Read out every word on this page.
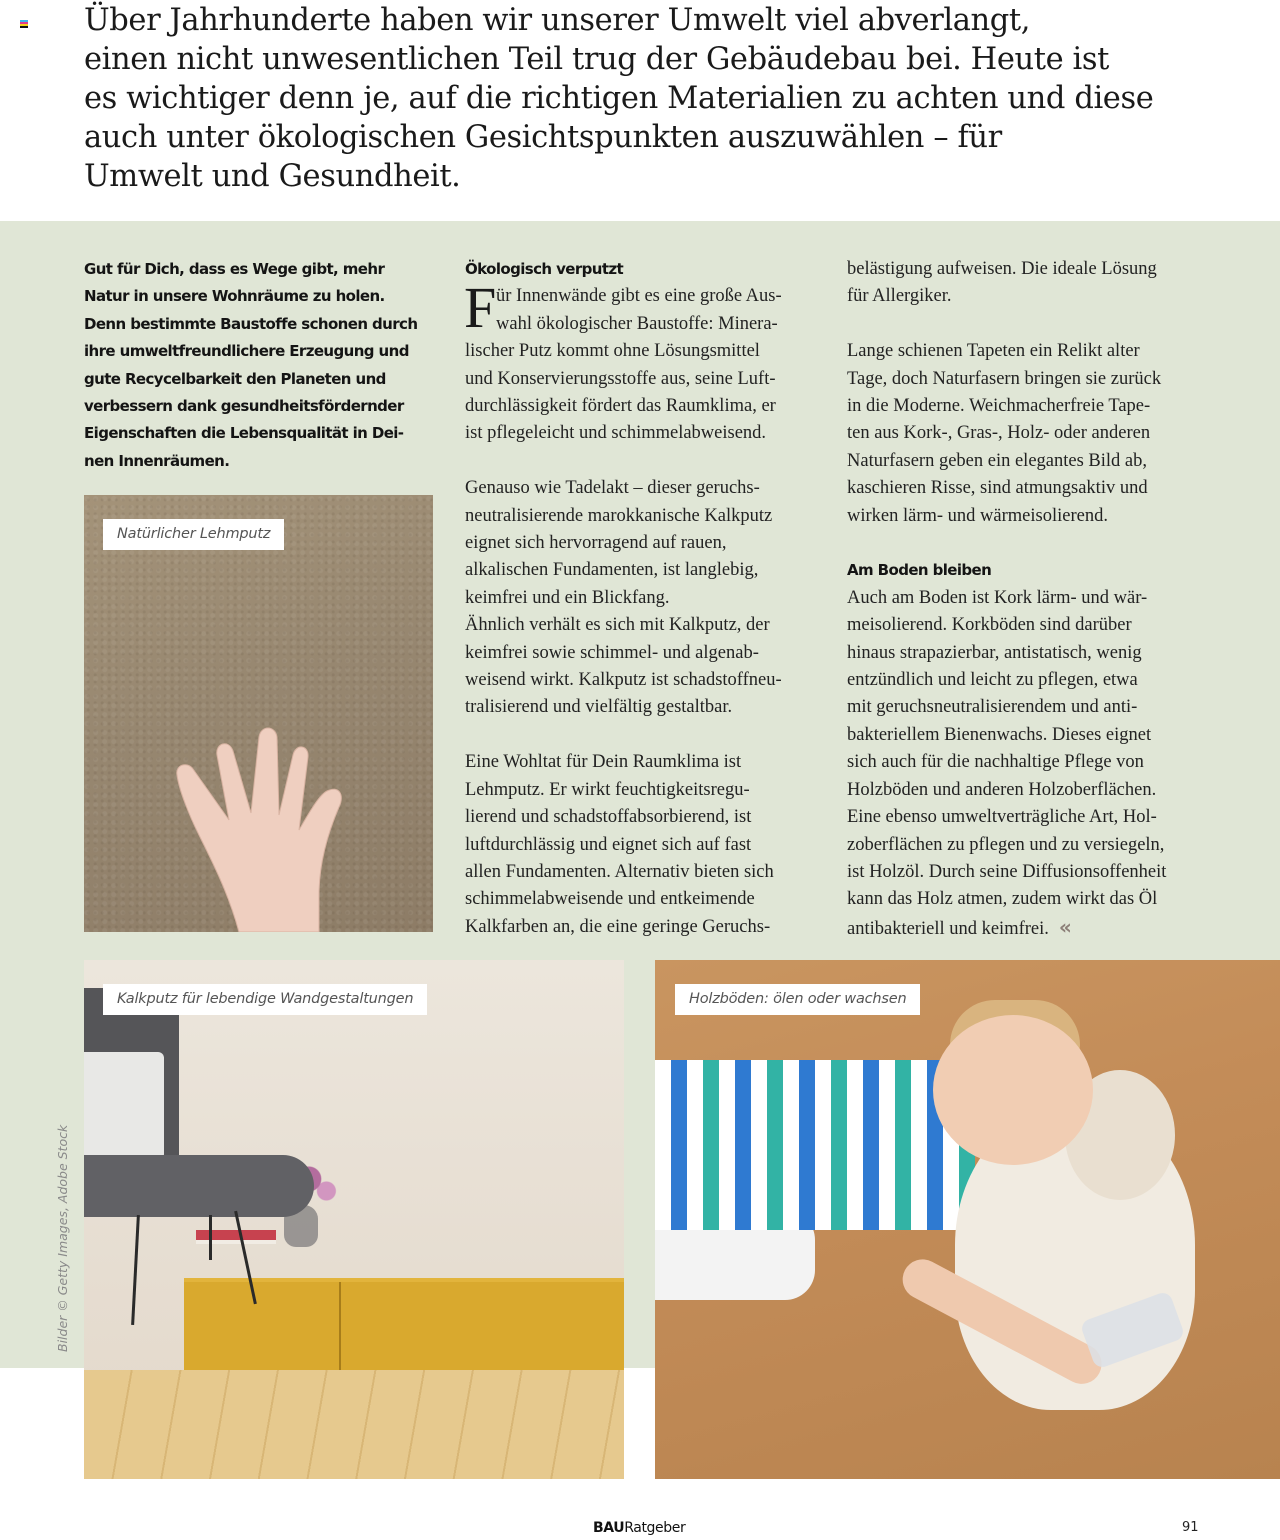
Über Jahrhunderte haben wir unserer Umwelt viel abverlangt,
einen nicht unwesentlichen Teil trug der Gebäudebau bei. Heute ist
es wichtiger denn je, auf die richtigen Materialien zu achten und diese
auch unter ökologischen Gesichtspunkten auszuwählen – für
Umwelt und Gesundheit.
Gut für Dich, dass es Wege gibt, mehr
Natur in unsere Wohnräume zu holen.
Denn bestimmte Baustoffe schonen durch
ihre umweltfreundlichere Erzeugung und
gute Recycelbarkeit den Planeten und
verbessern dank gesundheitsfördernder
Eigenschaften die Lebensqualität in Dei-
nen Innenräumen.
Natürlicher Lehmputz
Ökologisch verputzt
F ür Innenwände gibt es eine große Aus-
wahl ökologischer Baustoffe: Minera-
lischer Putz kommt ohne Lösungsmittel
und Konservierungsstoffe aus, seine Luft-
durchlässigkeit fördert das Raumklima, er
ist pflegeleicht und schimmelabweisend.
Genauso wie Tadelakt – dieser geruchs-
neutralisierende marokkanische Kalkputz
eignet sich hervorragend auf rauen,
alkalischen Fundamenten, ist langlebig,
keimfrei und ein Blickfang.
Ähnlich verhält es sich mit Kalkputz, der
keimfrei sowie schimmel- und algenab-
weisend wirkt. Kalkputz ist schadstoffneu-
tralisierend und vielfältig gestaltbar.
Eine Wohltat für Dein Raumklima ist
Lehmputz. Er wirkt feuchtigkeitsregu-
lierend und schadstoffabsorbierend, ist
luftdurchlässig und eignet sich auf fast
allen Fundamenten. Alternativ bieten sich
schimmelabweisende und entkeimende
Kalkfarben an, die eine geringe Geruchs-
belästigung aufweisen. Die ideale Lösung
für Allergiker.
Lange schienen Tapeten ein Relikt alter
Tage, doch Naturfasern bringen sie zurück
in die Moderne. Weichmacherfreie Tape-
ten aus Kork-, Gras-, Holz- oder anderen
Naturfasern geben ein elegantes Bild ab,
kaschieren Risse, sind atmungsaktiv und
wirken lärm- und wärmeisolierend.
Am Boden bleiben
Auch am Boden ist Kork lärm- und wär-
meisolierend. Korkböden sind darüber
hinaus strapazierbar, antistatisch, wenig
entzündlich und leicht zu pflegen, etwa
mit geruchsneutralisierendem und anti-
bakteriellem Bienenwachs. Dieses eignet
sich auch für die nachhaltige Pflege von
Holzböden und anderen Holzoberflächen.
Eine ebenso umweltverträgliche Art, Hol-
zoberflächen zu pflegen und zu versiegeln,
ist Holzöl. Durch seine Diffusionsoffenheit
kann das Holz atmen, zudem wirkt das Öl
antibakteriell und keimfrei. «
Kalkputz für lebendige Wandgestaltungen	Holzböden: ölen oder wachsen
Bilder © Getty Images, Adobe Stock
BAURatgeber	91
